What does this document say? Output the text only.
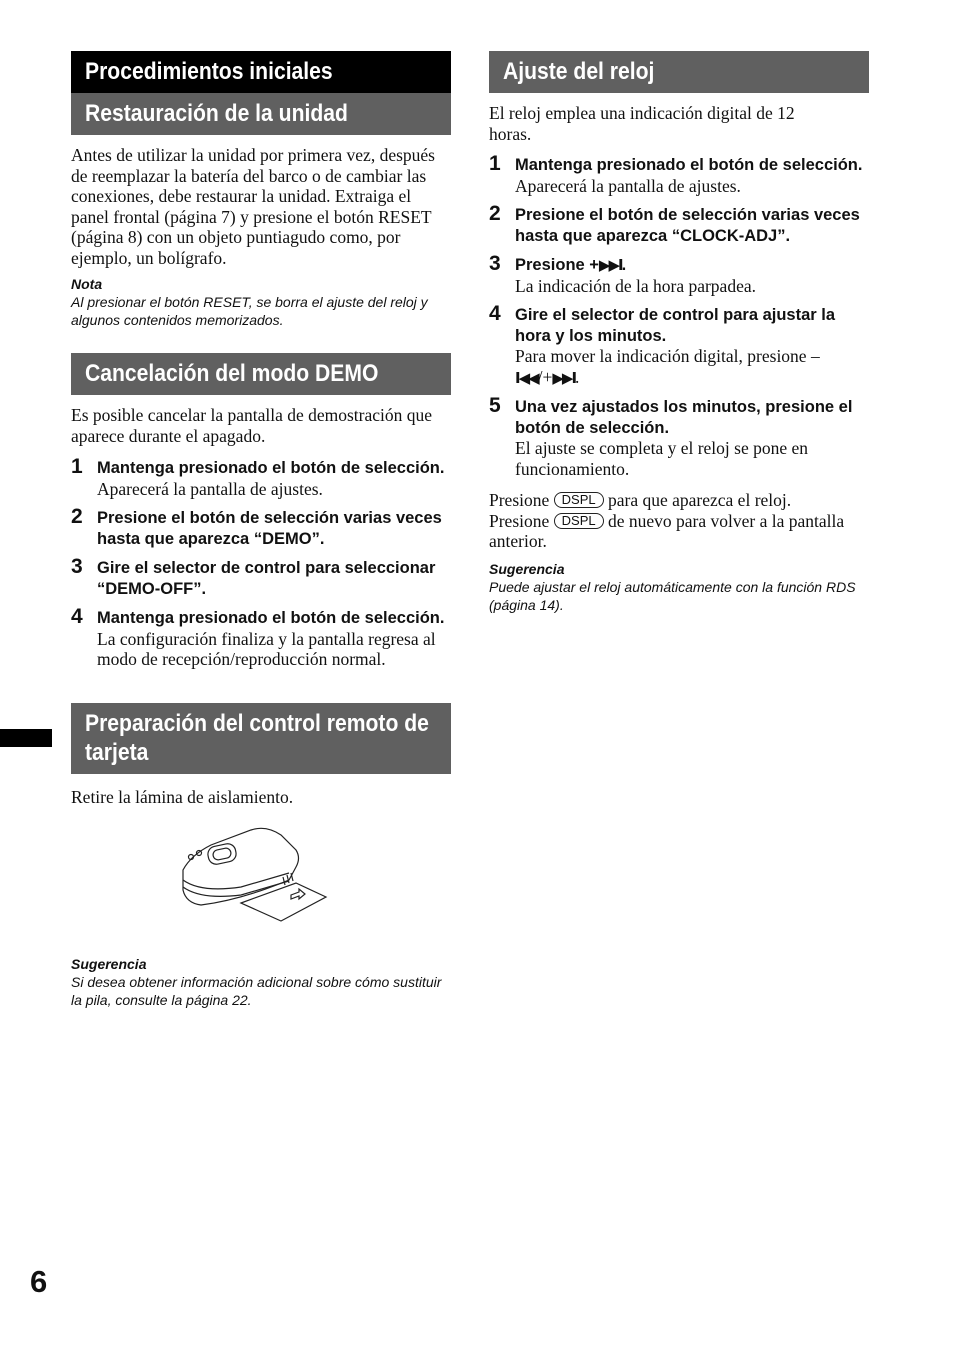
Procedimientos iniciales
Restauración de la unidad

Antes de utilizar la unidad por primera vez, después de reemplazar la batería del barco o de cambiar las conexiones, debe restaurar la unidad. Extraiga el panel frontal (página 7) y presione el botón RESET (página 8) con un objeto puntiagudo como, por ejemplo, un bolígrafo.

Nota

Al presionar el botón RESET, se borra el ajuste del reloj y algunos contenidos memorizados.

Cancelación del modo DEMO

Es posible cancelar la pantalla de demostración que aparece durante el apagado.

1 Mantenga presionado el botón de selección.

Aparecerá la pantalla de ajustes.

2 Presione el botón de selección varias veces hasta que aparezca “DEMO”.

3 Gire el selector de control para seleccionar “DEMO-OFF”.

4 Mantenga presionado el botón de selección.

La configuración finaliza y la pantalla regresa al modo de recepción/reproducción normal.

Preparación del control remoto de tarjeta

Retire la lámina de aislamiento.

Sugerencia

Si desea obtener información adicional sobre cómo sustituir la pila, consulte la página 22.

Ajuste del reloj

El reloj emplea una indicación digital de 12 horas.

1 Mantenga presionado el botón de selección.

Aparecerá la pantalla de ajustes.

2 Presione el botón de selección varias veces hasta que aparezca “CLOCK-ADJ”.

3 Presione +▶▶I.

La indicación de la hora parpadea.

4 Gire el selector de control para ajustar la hora y los minutos.

Para mover la indicación digital, presione –I◀◀/+▶▶I.

5 Una vez ajustados los minutos, presione el botón de selección.

El ajuste se completa y el reloj se pone en funcionamiento.

Presione DSPL para que aparezca el reloj.
Presione DSPL de nuevo para volver a la pantalla anterior.

Sugerencia

Puede ajustar el reloj automáticamente con la función RDS (página 14).

6
